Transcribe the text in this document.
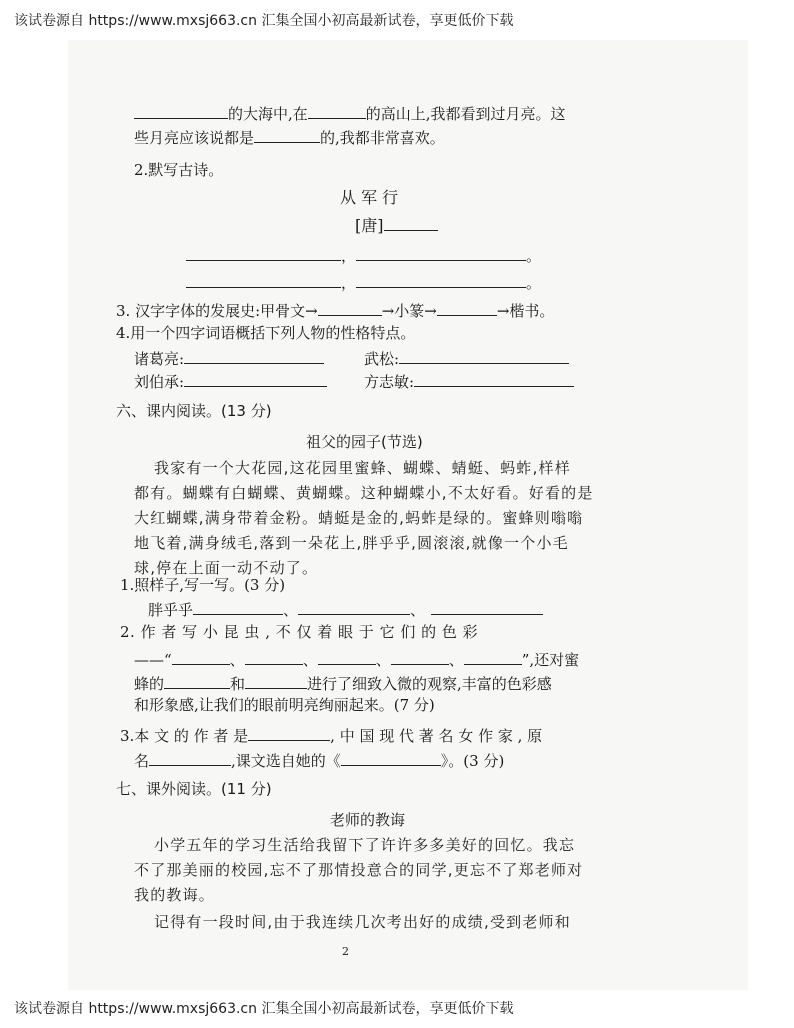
该试卷源自 https://www.mxsj663.cn 汇集全国小初高最新试卷，享更低价下载
的大海中,在	的高山上,我都看到过月亮。这
些月亮应该说都是	的,我都非常喜欢。
2.默写古诗。
从 军 行
[唐]
，	。
，	。
3. 汉字字体的发展史:甲骨文→	→小篆→	→楷书。
4.用一个四字词语概括下列人物的性格特点。
诸葛亮:	武松:
刘伯承:	方志敏:
六、课内阅读。(13 分)
祖父的园子(节选)
我家有一个大花园,这花园里蜜蜂、蝴蝶、蜻蜓、蚂蚱,样样
都有。蝴蝶有白蝴蝶、黄蝴蝶。这种蝴蝶小,不太好看。好看的是
大红蝴蝶,满身带着金粉。蜻蜓是金的,蚂蚱是绿的。蜜蜂则嗡嗡
地飞着,满身绒毛,落到一朵花上,胖乎乎,圆滚滚,就像一个小毛
球,停在上面一动不动了。
1.照样子,写一写。(3 分)
胖乎乎	、	、
2. 作 者 写 小 昆 虫 , 不 仅 着 眼 于 它 们 的 色 彩
——“	、	、	、	、	”,还对蜜
蜂的	和	进行了细致入微的观察,丰富的色彩感
和形象感,让我们的眼前明亮绚丽起来。(7 分)
3.本 文 的 作 者 是	, 中 国 现 代 著 名 女 作 家 , 原
名	,课文选自她的《	》。(3 分)
七、课外阅读。(11 分)
老师的教诲
小学五年的学习生活给我留下了许许多多美好的回忆。我忘
不了那美丽的校园,忘不了那情投意合的同学,更忘不了郑老师对
我的教诲。
记得有一段时间,由于我连续几次考出好的成绩,受到老师和
2
该试卷源自 https://www.mxsj663.cn 汇集全国小初高最新试卷，享更低价下载
